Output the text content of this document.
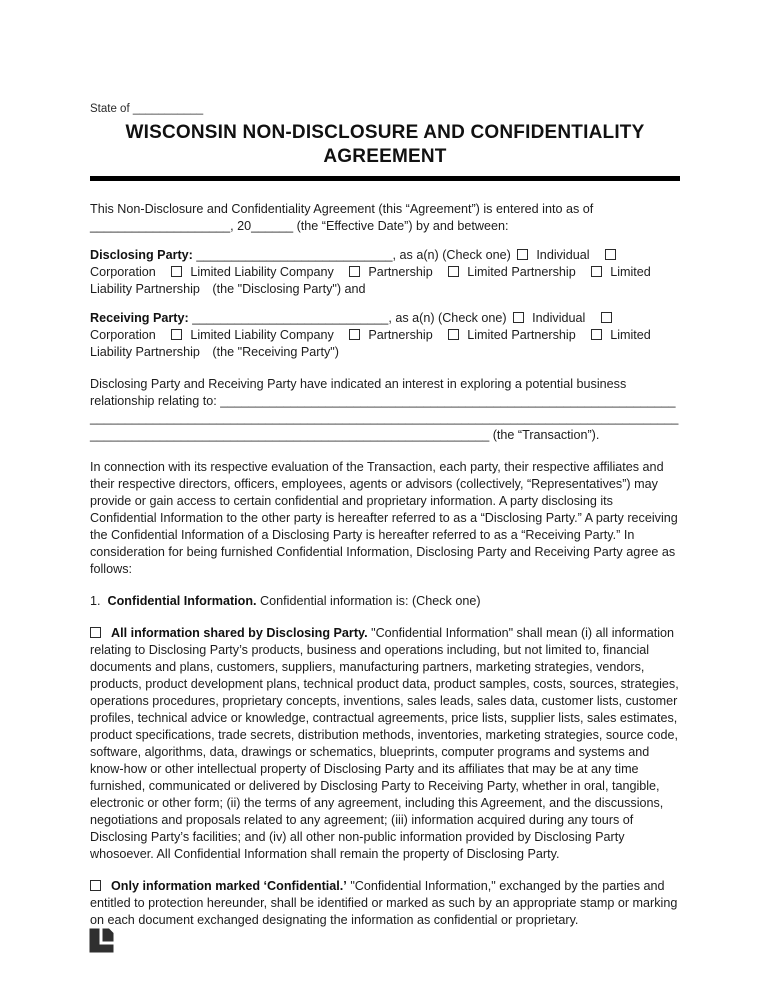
State of ___________
WISCONSIN NON-DISCLOSURE AND CONFIDENTIALITY AGREEMENT

This Non-Disclosure and Confidentiality Agreement (this “Agreement”) is entered into as of ____________________, 20______ (the “Effective Date”) by and between:

Disclosing Party: ____________________________, as a(n) (Check one) Individual Corporation	Limited Liability Company	Partnership	Limited Partnership	Limited Liability Partnership (the "Disclosing Party") and

Receiving Party: ____________________________, as a(n) (Check one) Individual Corporation	Limited Liability Company	Partnership	Limited Partnership	Limited Liability Partnership (the "Receiving Party")

Disclosing Party and Receiving Party have indicated an interest in exploring a potential business relationship relating to: ______________________________________________________________________________________________________________________________________________________________________________________________________________ (the “Transaction”).

In connection with its respective evaluation of the Transaction, each party, their respective affiliates and their respective directors, officers, employees, agents or advisors (collectively, “Representatives”) may provide or gain access to certain confidential and proprietary information. A party disclosing its Confidential Information to the other party is hereafter referred to as a “Disclosing Party.” A party receiving the Confidential Information of a Disclosing Party is hereafter referred to as a “Receiving Party.” In consideration for being furnished Confidential Information, Disclosing Party and Receiving Party agree as follows:

1. Confidential Information. Confidential information is: (Check one)

All information shared by Disclosing Party. "Confidential Information" shall mean (i) all information relating to Disclosing Party’s products, business and operations including, but not limited to, financial documents and plans, customers, suppliers, manufacturing partners, marketing strategies, vendors, products, product development plans, technical product data, product samples, costs, sources, strategies, operations procedures, proprietary concepts, inventions, sales leads, sales data, customer lists, customer profiles, technical advice or knowledge, contractual agreements, price lists, supplier lists, sales estimates, product specifications, trade secrets, distribution methods, inventories, marketing strategies, source code, software, algorithms, data, drawings or schematics, blueprints, computer programs and systems and know-how or other intellectual property of Disclosing Party and its affiliates that may be at any time furnished, communicated or delivered by Disclosing Party to Receiving Party, whether in oral, tangible, electronic or other form; (ii) the terms of any agreement, including this Agreement, and the discussions, negotiations and proposals related to any agreement; (iii) information acquired during any tours of Disclosing Party’s facilities; and (iv) all other non-public information provided by Disclosing Party whosoever. All Confidential Information shall remain the property of Disclosing Party.

Only information marked ‘Confidential.’ "Confidential Information," exchanged by the parties and entitled to protection hereunder, shall be identified or marked as such by an appropriate stamp or marking on each document exchanged designating the information as confidential or proprietary.
